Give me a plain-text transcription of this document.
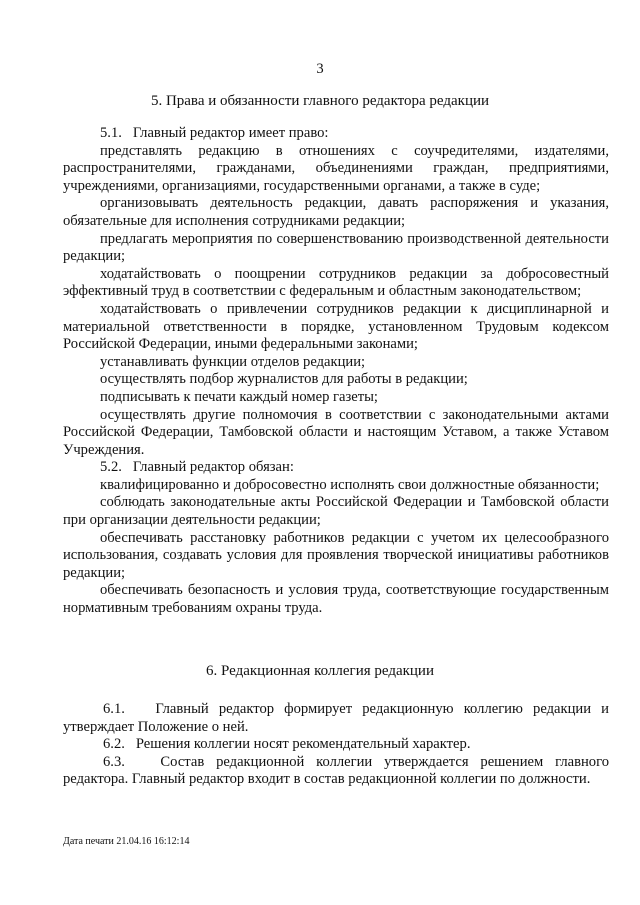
3
5. Права и обязанности главного редактора редакции

5.1.   Главный редактор имеет право:

представлять редакцию в отношениях с соучредителями, издателями, распространителями, гражданами, объединениями граждан, предприятиями, учреждениями, организациями, государственными органами, а также в суде;

организовывать деятельность редакции, давать распоряжения и указания, обязательные для исполнения сотрудниками редакции;

предлагать мероприятия по совершенствованию производственной деятельности редакции;

ходатайствовать о поощрении сотрудников редакции за добросовестный эффективный труд в соответствии с федеральным и областным законодательством;

ходатайствовать о привлечении сотрудников редакции к дисциплинарной и материальной ответственности в порядке, установленном Трудовым кодексом Российской Федерации, иными федеральными законами;

устанавливать функции отделов редакции;

осуществлять подбор журналистов для работы в редакции;

подписывать к печати каждый номер газеты;

осуществлять другие полномочия в соответствии с законодательными актами Российской Федерации, Тамбовской области и настоящим Уставом, а также Уставом Учреждения.

5.2.   Главный редактор обязан:

квалифицированно и добросовестно исполнять свои должностные обязанности;

соблюдать законодательные акты Российской Федерации и Тамбовской области при организации деятельности редакции;

обеспечивать расстановку работников редакции с учетом их целесообразного использования, создавать условия для проявления творческой инициативы работников редакции;

обеспечивать безопасность и условия труда, соответствующие государственным нормативным требованиям охраны труда.

6. Редакционная коллегия редакции

6.1.   Главный редактор формирует редакционную коллегию редакции и утверждает Положение о ней.

6.2.   Решения коллегии носят рекомендательный характер.

6.3.   Состав редакционной коллегии утверждается решением главного редактора. Главный редактор входит в состав редакционной коллегии по должности.

Дата печати 21.04.16 16:12:14
